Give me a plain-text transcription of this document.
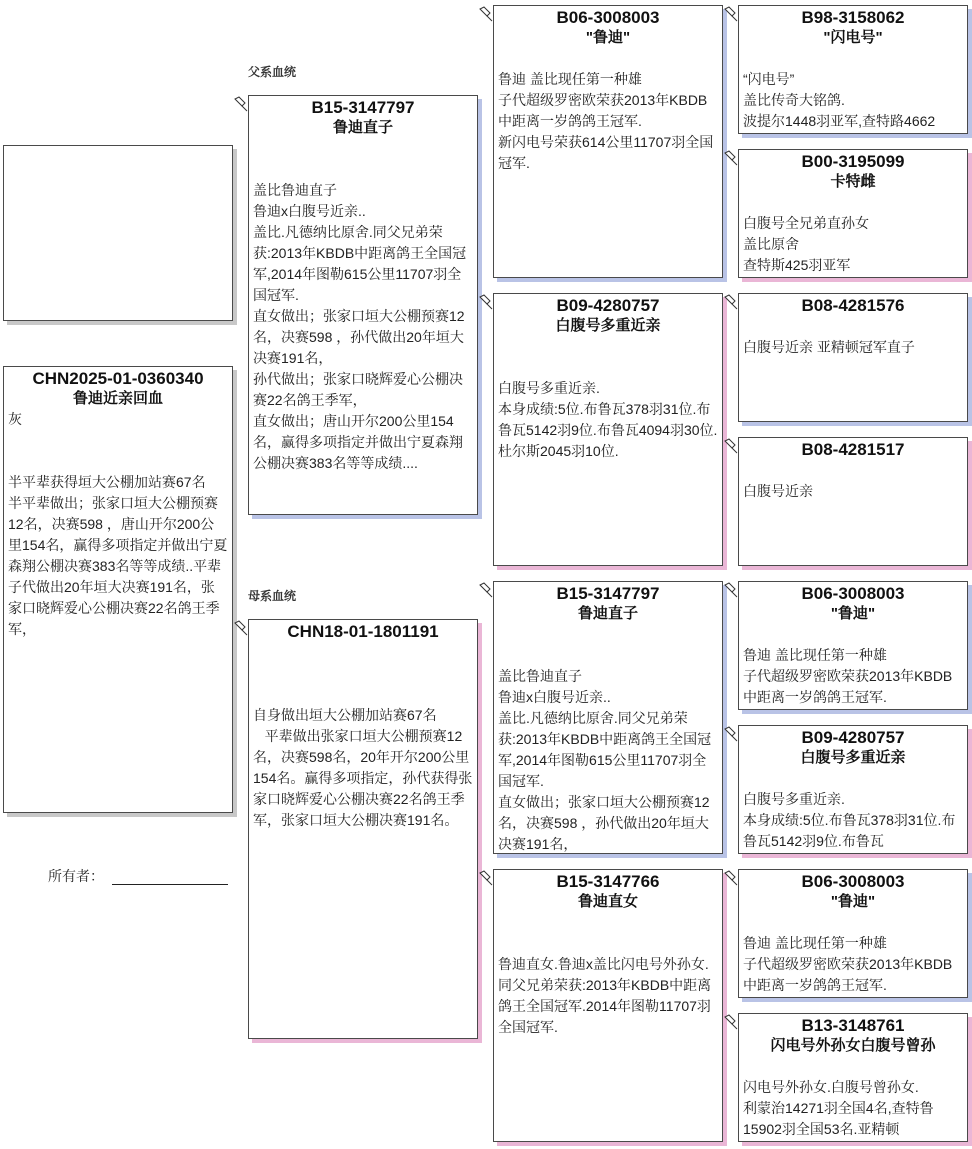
CHN2025-01-0360340
鲁迪近亲回血
灰

半平辈获得垣大公棚加站赛67名
半平辈做出；张家口垣大公棚预赛12名，决赛598 ，唐山开尔200公里154名，赢得多项指定并做出宁夏森翔公棚决赛383名等等成绩..平辈子代做出20年垣大决赛191名，张家口晓辉爱心公棚决赛22名鸽王季军，
所有者：
父系血统
母系血统
B15-3147797
鲁迪直子

盖比鲁迪直子
鲁迪x白腹号近亲..
盖比.凡德纳比原舍.同父兄弟荣获:2013年KBDB中距离鸽王全国冠军,2014年图勒615公里11707羽全国冠军.
直女做出；张家口垣大公棚预赛12名，决赛598 ，孙代做出20年垣大决赛191名，
孙代做出；张家口晓辉爱心公棚决赛22名鸽王季军，
直女做出；唐山开尔200公里154名，赢得多项指定并做出宁夏森翔公棚决赛383名等等成绩....
CHN18-01-1801191

自身做出垣大公棚加站赛67名
平辈做出张家口垣大公棚预赛12名，决赛598名，20年开尔200公里154名。赢得多项指定，孙代获得张家口晓辉爱心公棚决赛22名鸽王季军，张家口垣大公棚决赛191名。
B06-3008003
"鲁迪"

鲁迪 盖比现任第一种雄
子代超级罗密欧荣获2013年KBDB中距离一岁鸽鸽王冠军.
新闪电号荣获614公里11707羽全国冠军.
B09-4280757
白腹号多重近亲

白腹号多重近亲.
本身成绩:5位.布鲁瓦378羽31位.布鲁瓦5142羽9位.布鲁瓦4094羽30位.杜尔斯2045羽10位.
B15-3147797
鲁迪直子

盖比鲁迪直子
鲁迪x白腹号近亲..
盖比.凡德纳比原舍.同父兄弟荣获:2013年KBDB中距离鸽王全国冠军,2014年图勒615公里11707羽全国冠军.
直女做出；张家口垣大公棚预赛12名，决赛598 ，孙代做出20年垣大决赛191名，
B15-3147766
鲁迪直女

鲁迪直女.鲁迪x盖比闪电号外孙女.
同父兄弟荣获:2013年KBDB中距离鸽王全国冠军.2014年图勒11707羽全国冠军.
B98-3158062
"闪电号"

“闪电号”
盖比传奇大铭鸽.
波提尔1448羽亚军,查特路4662
B00-3195099
卡特雌

白腹号全兄弟直孙女
盖比原舍
查特斯425羽亚军
B08-4281576

白腹号近亲 亚精顿冠军直子
B08-4281517

白腹号近亲
B06-3008003
"鲁迪"

鲁迪 盖比现任第一种雄
子代超级罗密欧荣获2013年KBDB中距离一岁鸽鸽王冠军.
B09-4280757
白腹号多重近亲

白腹号多重近亲.
本身成绩:5位.布鲁瓦378羽31位.布鲁瓦5142羽9位.布鲁瓦
B06-3008003
"鲁迪"

鲁迪 盖比现任第一种雄
子代超级罗密欧荣获2013年KBDB中距离一岁鸽鸽王冠军.
B13-3148761
闪电号外孙女白腹号曾孙

闪电号外孙女.白腹号曾孙女.
利蒙治14271羽全国4名,查特鲁15902羽全国53名.亚精顿
